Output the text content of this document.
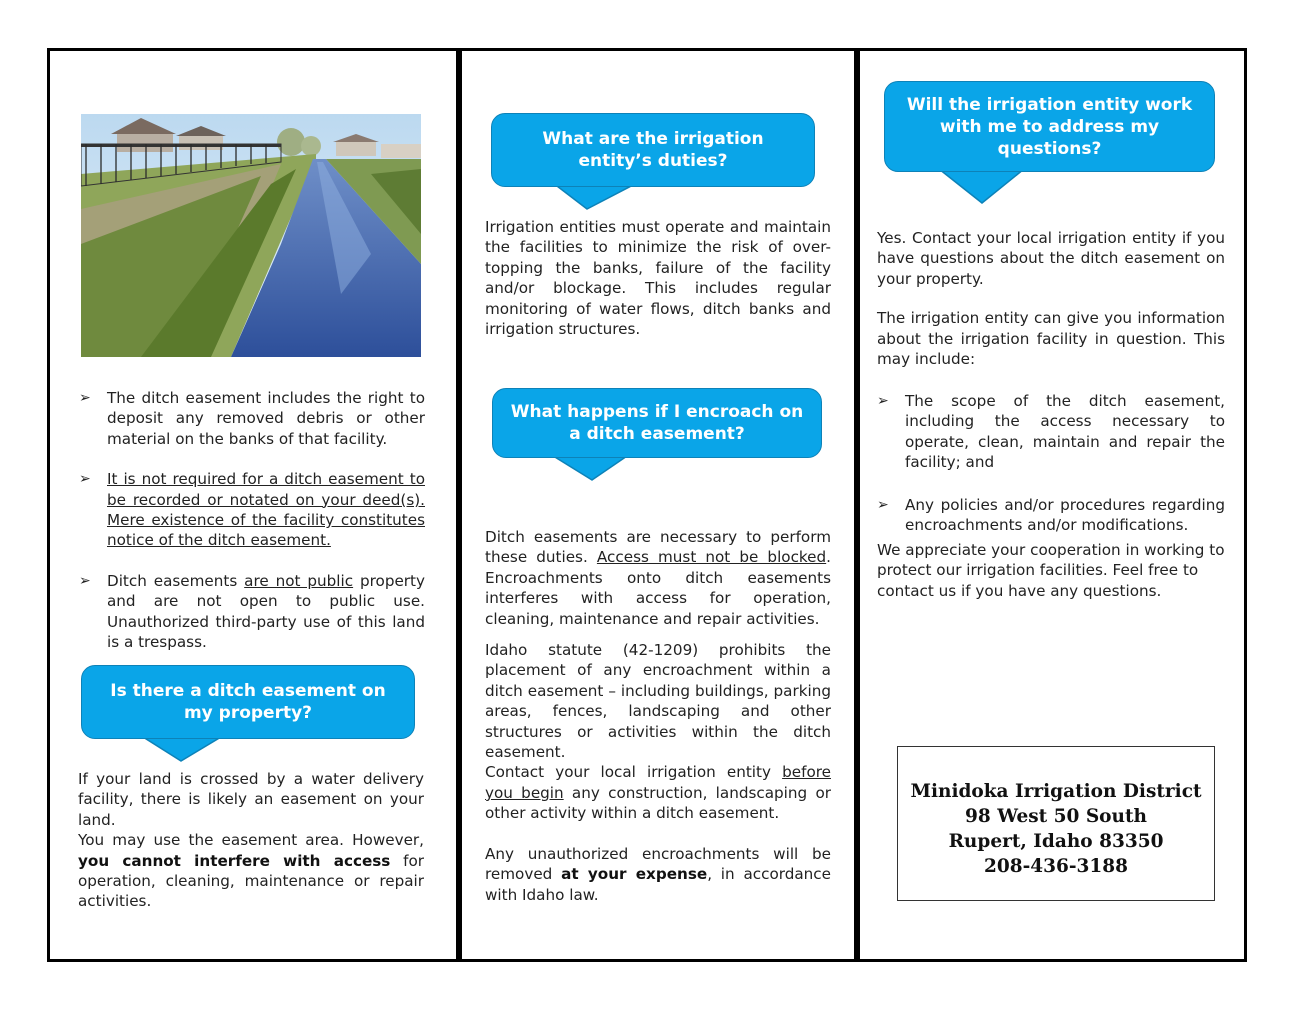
➢ The ditch easement includes the right to deposit any removed debris or other material on the banks of that facility.
➢ It is not required for a ditch easement to be recorded or notated on your deed(s). Mere existence of the facility constitutes notice of the ditch easement.
➢ Ditch easements are not public property and are not open to public use. Unauthorized third-party use of this land is a trespass.
Is there a ditch easement on my property?

If your land is crossed by a water delivery facility, there is likely an easement on your land.

You may use the easement area. However, you cannot interfere with access for operation, cleaning, maintenance or repair activities.

What are the irrigation entity’s duties?

Irrigation entities must operate and maintain the facilities to minimize the risk of over-topping the banks, failure of the facility and/or blockage. This includes regular monitoring of water flows, ditch banks and irrigation structures.

What happens if I encroach on a ditch easement?

Ditch easements are necessary to perform these duties. Access must not be blocked. Encroachments onto ditch easements interferes with access for operation, cleaning, maintenance and repair activities.

Idaho statute (42-1209) prohibits the placement of any encroachment within a ditch easement – including buildings, parking areas, fences, landscaping and other structures or activities within the ditch easement.

Contact your local irrigation entity before you begin any construction, landscaping or other activity within a ditch easement.

Any unauthorized encroachments will be removed at your expense, in accordance with Idaho law.

Will the irrigation entity work with me to address my questions?

Yes. Contact your local irrigation entity if you have questions about the ditch easement on your property.

The irrigation entity can give you information about the irrigation facility in question. This may include:

➢ The scope of the ditch easement, including the access necessary to operate, clean, maintain and repair the facility; and
➢ Any policies and/or procedures regarding encroachments and/or modifications.

We appreciate your cooperation in working to protect our irrigation facilities. Feel free to contact us if you have any questions.

Minidoka Irrigation District
98 West 50 South
Rupert, Idaho 83350
208-436-3188
